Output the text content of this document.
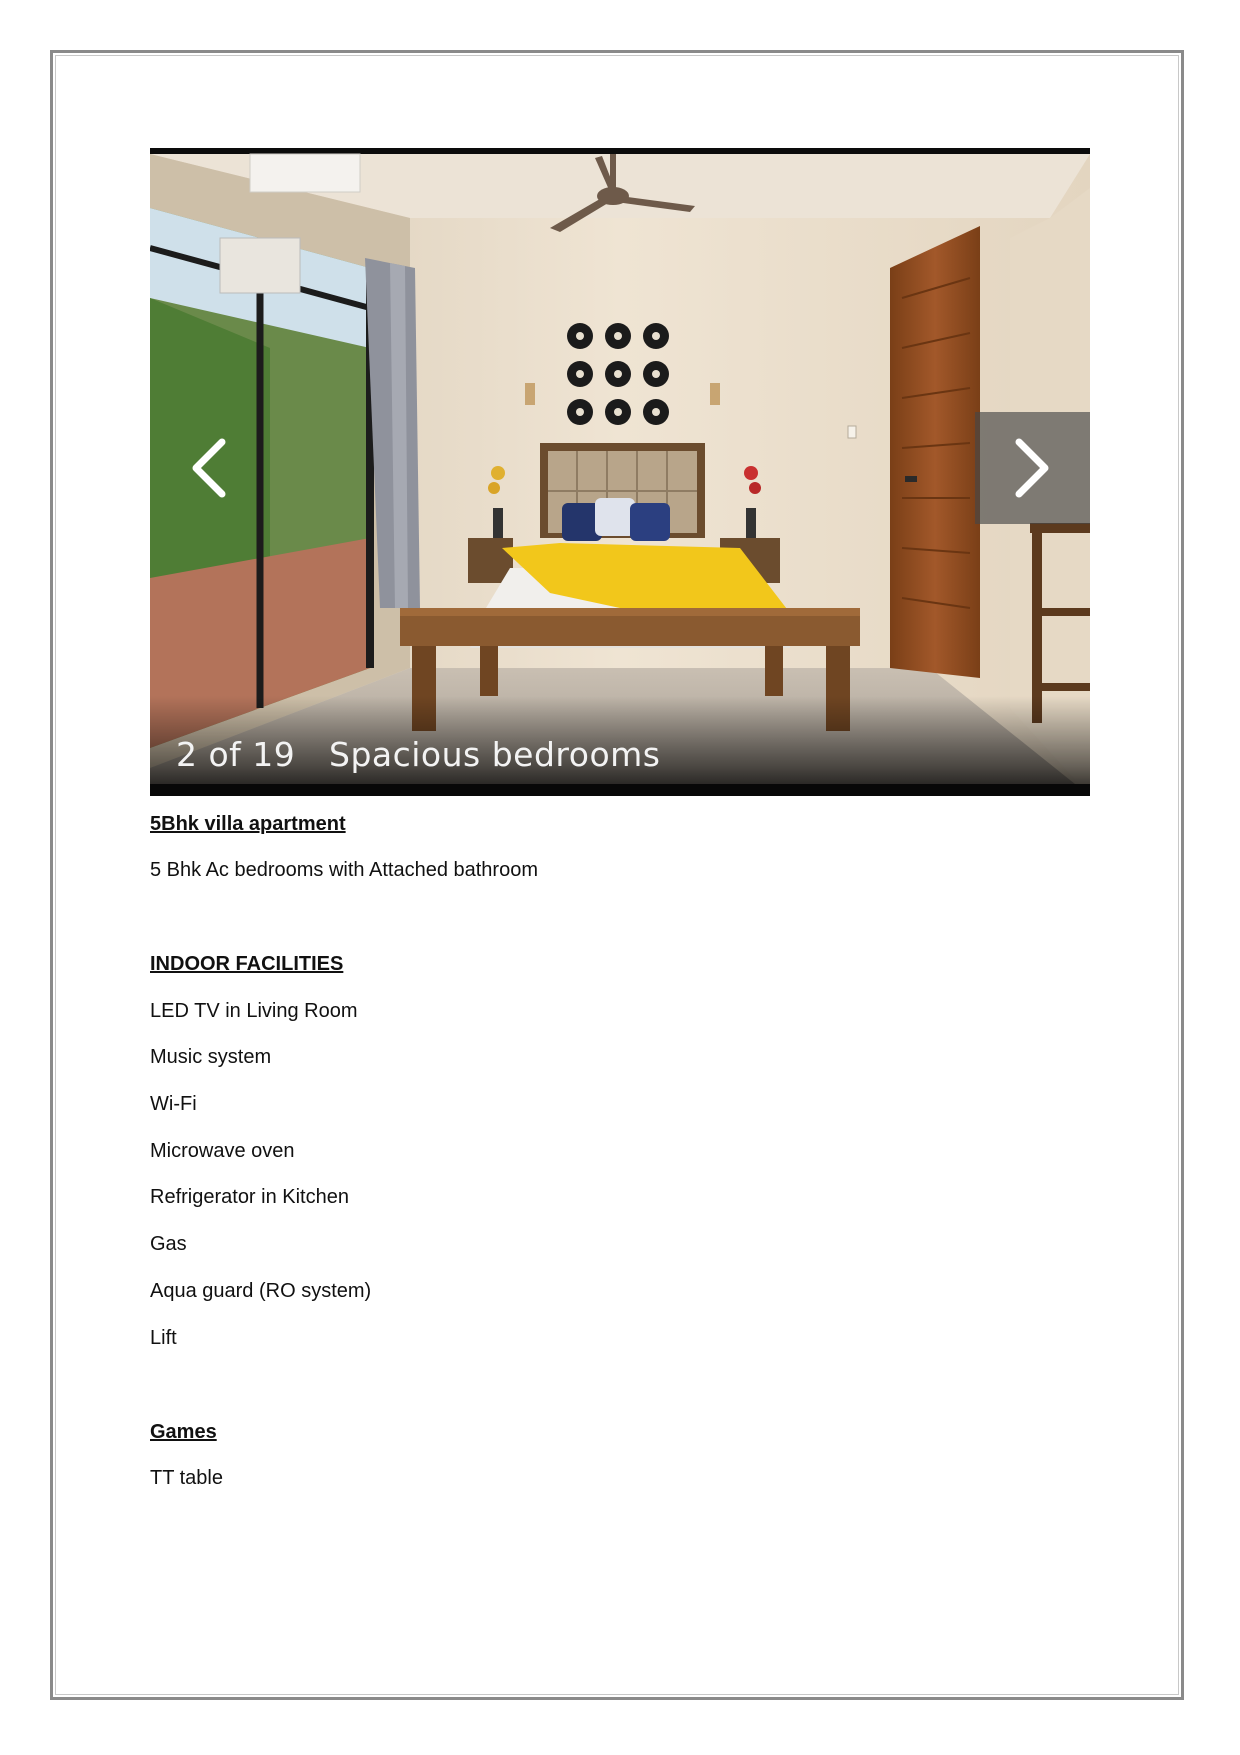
2 of 19 Spacious bedrooms

5Bhk villa apartment

5 Bhk Ac bedrooms with Attached bathroom

INDOOR FACILITIES

LED TV in Living Room

Music system

Wi-Fi

Microwave oven

Refrigerator in Kitchen

Gas

Aqua guard (RO system)

Lift

Games

TT table
